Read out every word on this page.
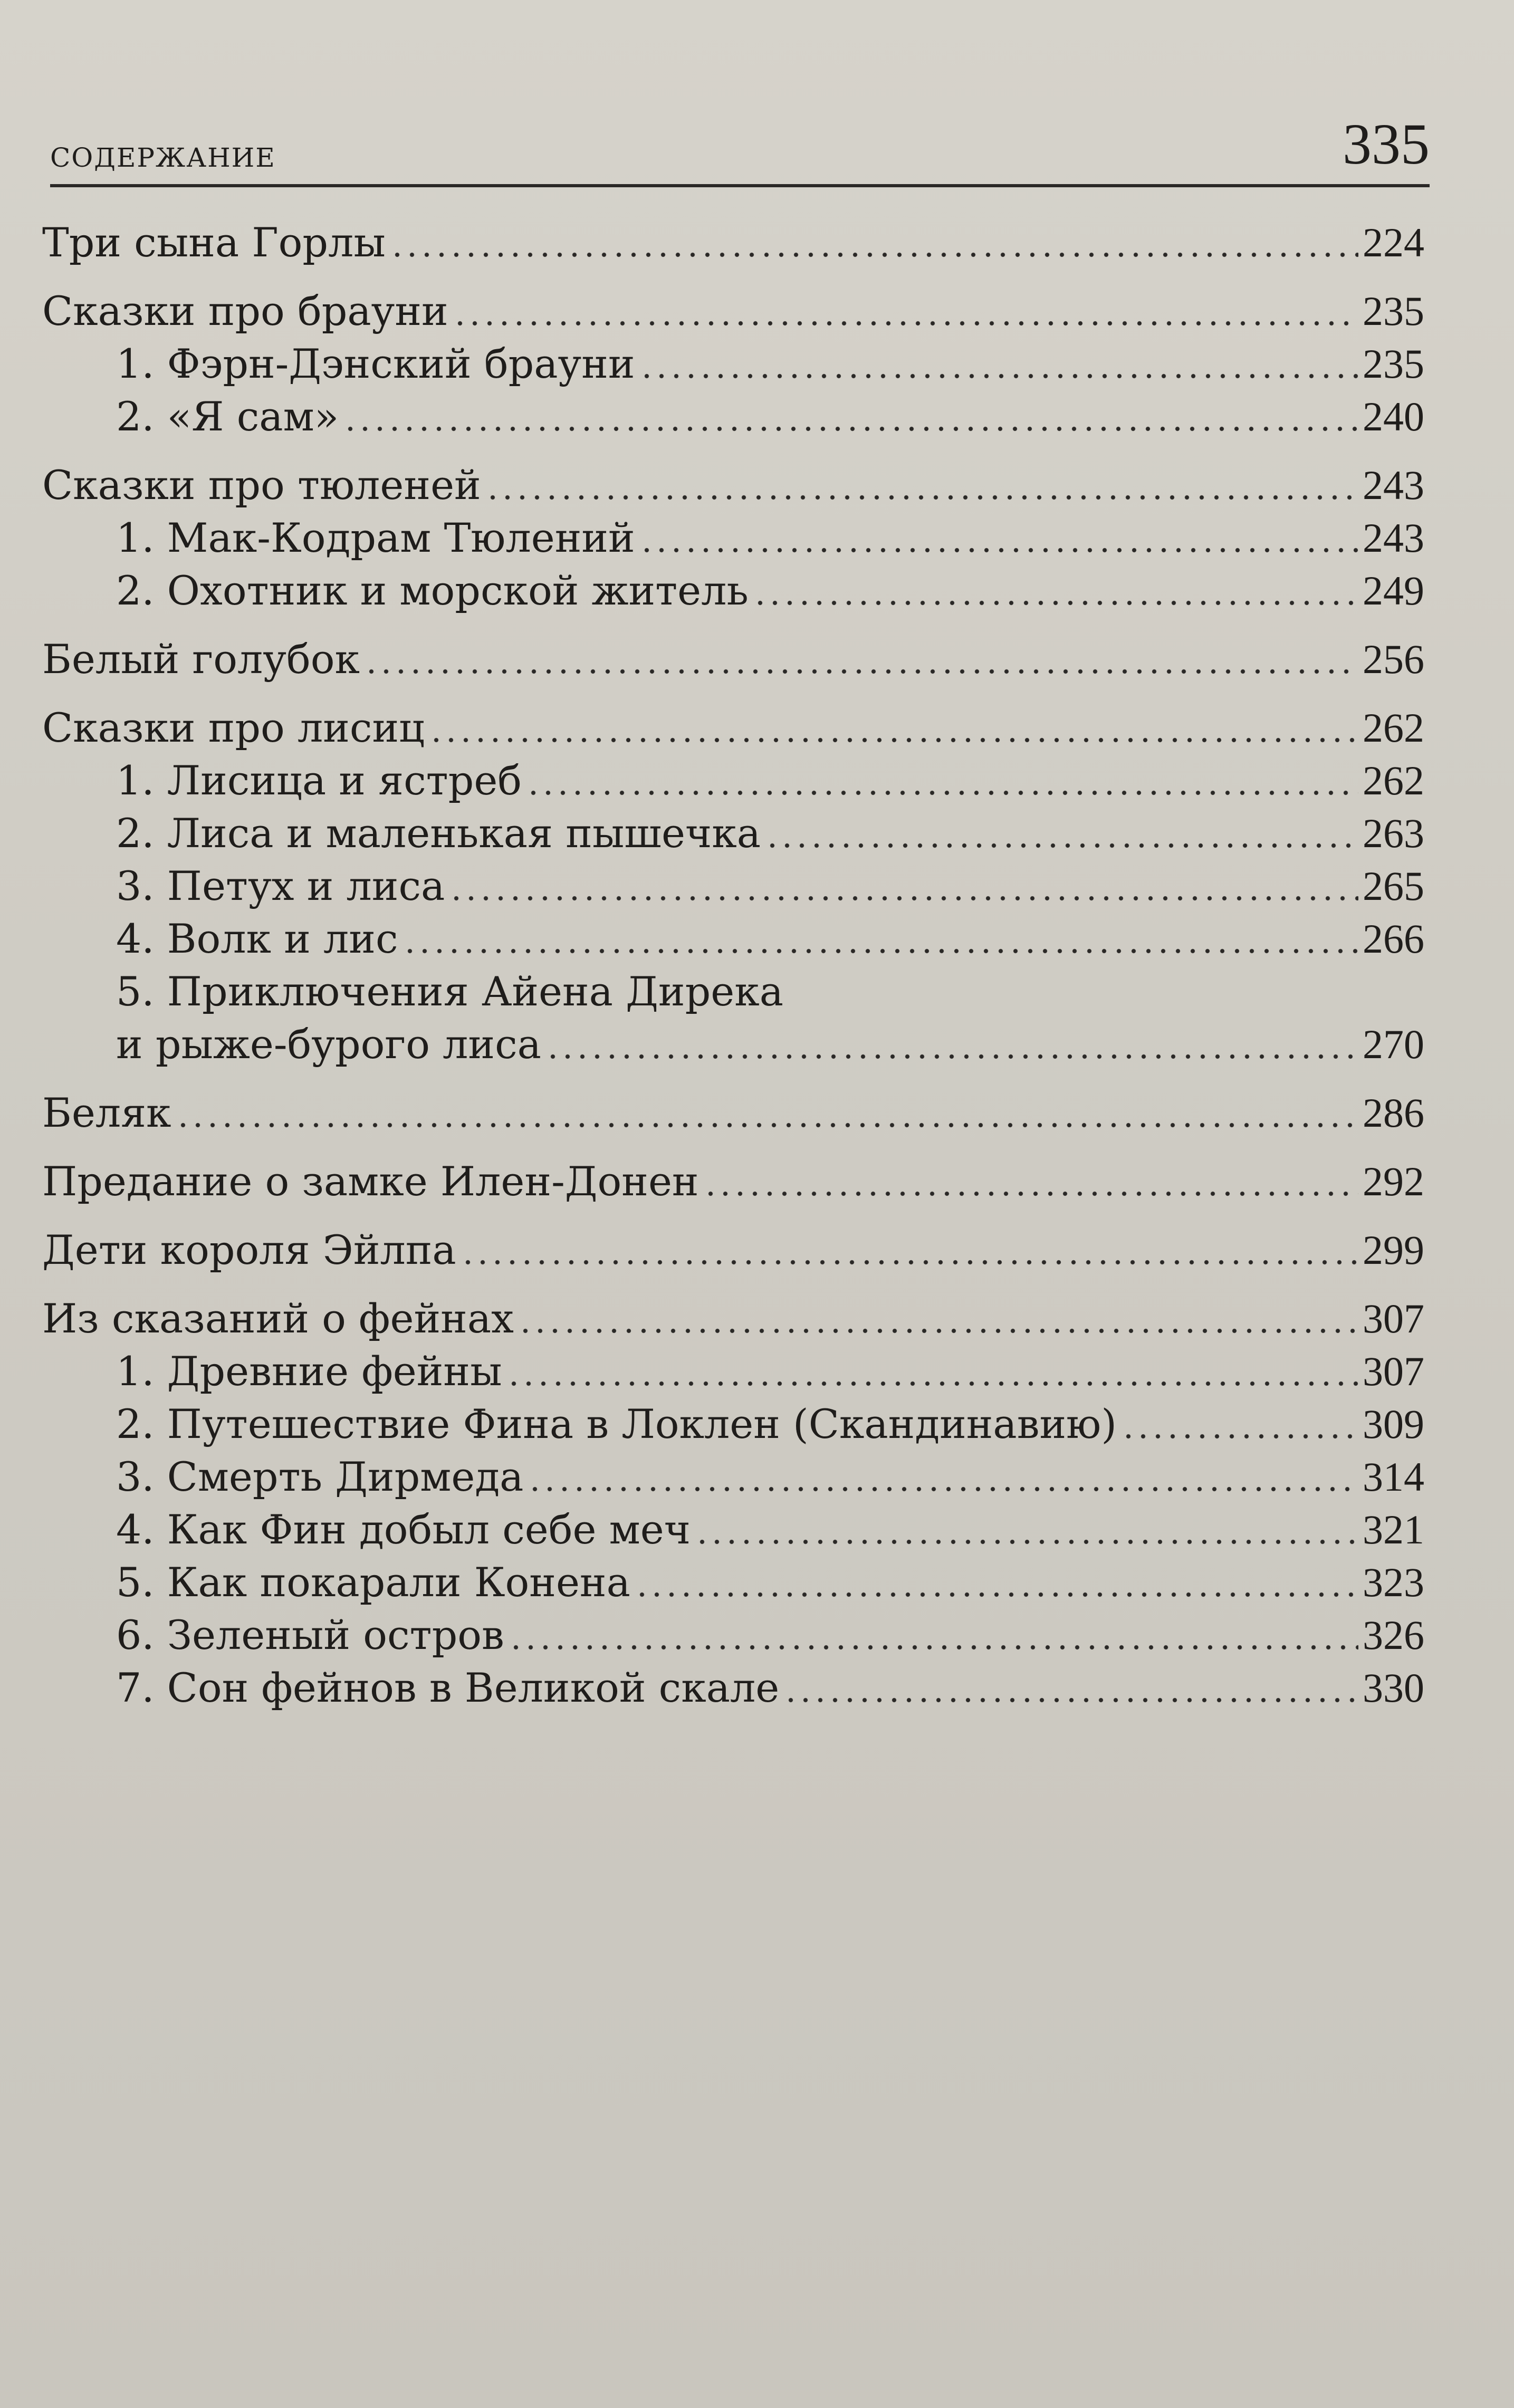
содержание	335
Три сына Горлы	224
Сказки про брауни	235
1. Фэрн-Дэнский брауни	235
2. «Я сам»	240
Сказки про тюленей	243
1. Мак-Кодрам Тюлений	243
2. Охотник и морской житель	249
Белый голубок	256
Сказки про лисиц	262
1. Лисица и ястреб	262
2. Лиса и маленькая пышечка	263
3. Петух и лиса	265
4. Волк и лис	266
5. Приключения Айена Дирека
и рыже-бурого лиса	270
Беляк	286
Предание о замке Илен-Донен	292
Дети короля Эйлпа	299
Из сказаний о фейнах	307
1. Древние фейны	307
2. Путешествие Фина в Локлен (Скандинавию)	309
3. Смерть Дирмеда	314
4. Как Фин добыл себе меч	321
5. Как покарали Конена	323
6. Зеленый остров	326
7. Сон фейнов в Великой скале	330
